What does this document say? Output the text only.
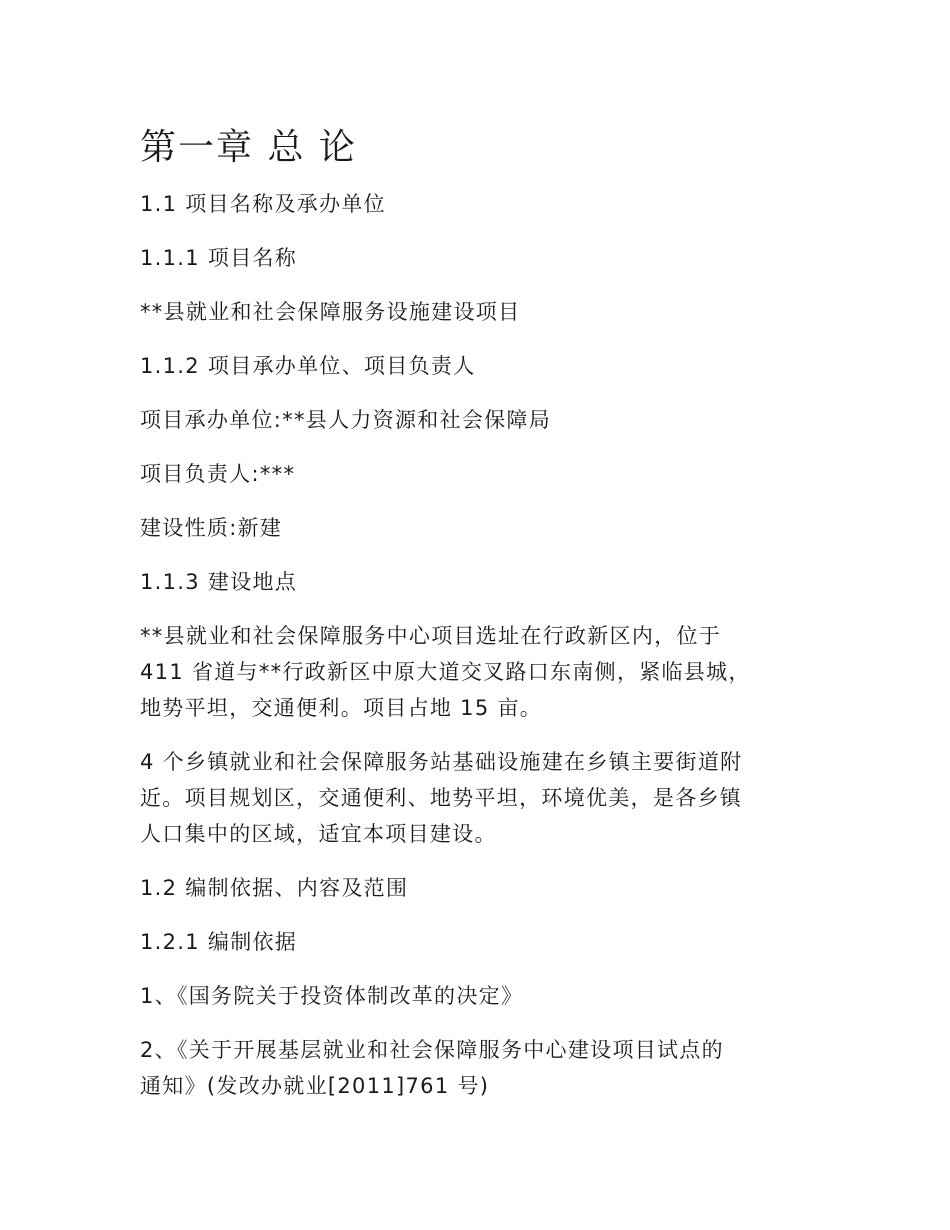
第一章 总 论
1.1 项目名称及承办单位
1.1.1 项目名称
**县就业和社会保障服务设施建设项目
1.1.2 项目承办单位、项目负责人
项目承办单位:**县人力资源和社会保障局
项目负责人:***
建设性质:新建
1.1.3 建设地点
**县就业和社会保障服务中心项目选址在行政新区内，位于
411 省道与**行政新区中原大道交叉路口东南侧，紧临县城，
地势平坦，交通便利。项目占地 15 亩。
4 个乡镇就业和社会保障服务站基础设施建在乡镇主要街道附
近。项目规划区，交通便利、地势平坦，环境优美，是各乡镇
人口集中的区域，适宜本项目建设。
1.2 编制依据、内容及范围
1.2.1 编制依据
1、《国务院关于投资体制改革的决定》
2、《关于开展基层就业和社会保障服务中心建设项目试点的
通知》(发改办就业[2011]761 号)
